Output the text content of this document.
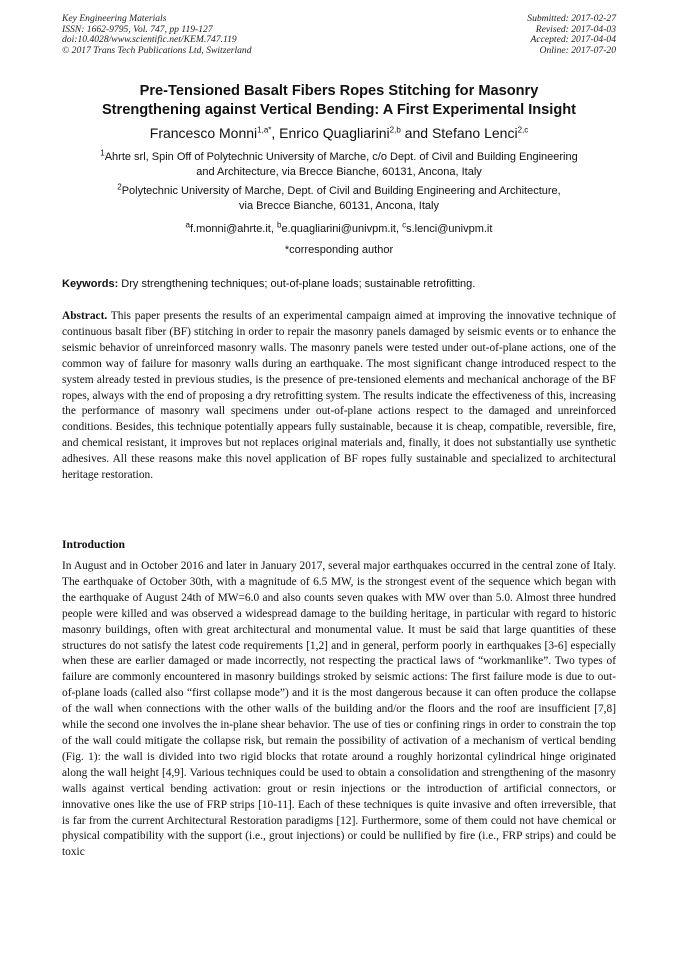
Key Engineering Materials
ISSN: 1662-9795, Vol. 747, pp 119-127
doi:10.4028/www.scientific.net/KEM.747.119
© 2017 Trans Tech Publications Ltd, Switzerland
Submitted: 2017-02-27
Revised: 2017-04-03
Accepted: 2017-04-04
Online: 2017-07-20
Pre-Tensioned Basalt Fibers Ropes Stitching for Masonry
Strengthening against Vertical Bending: A First Experimental Insight
Francesco Monni$^{1,a*}$, Enrico Quagliarini$^{2,b}$ and Stefano Lenci$^{2,c}$
$^1$Ahrte srl, Spin Off of Polytechnic University of Marche, c/o Dept. of Civil and Building Engineering
and Architecture, via Brecce Bianche, 60131, Ancona, Italy
$^2$Polytechnic University of Marche, Dept. of Civil and Building Engineering and Architecture,
via Brecce Bianche, 60131, Ancona, Italy
$^a$f.monni@ahrte.it, $^b$e.quagliarini@univpm.it, $^c$s.lenci@univpm.it
*corresponding author
Keywords: Dry strengthening techniques; out-of-plane loads; sustainable retrofitting.
Abstract. This paper presents the results of an experimental campaign aimed at improving the innovative technique of continuous basalt fiber (BF) stitching in order to repair the masonry panels damaged by seismic events or to enhance the seismic behavior of unreinforced masonry walls. The masonry panels were tested under out-of-plane actions, one of the common way of failure for masonry walls during an earthquake. The most significant change introduced respect to the system already tested in previous studies, is the presence of pre-tensioned elements and mechanical anchorage of the BF ropes, always with the end of proposing a dry retrofitting system. The results indicate the effectiveness of this, increasing the performance of masonry wall specimens under out-of-plane actions respect to the damaged and unreinforced conditions. Besides, this technique potentially appears fully sustainable, because it is cheap, compatible, reversible, fire, and chemical resistant, it improves but not replaces original materials and, finally, it does not substantially use synthetic adhesives. All these reasons make this novel application of BF ropes fully sustainable and specialized to architectural heritage restoration.
Introduction
In August and in October 2016 and later in January 2017, several major earthquakes occurred in the central zone of Italy. The earthquake of October 30th, with a magnitude of 6.5 MW, is the strongest event of the sequence which began with the earthquake of August 24th of MW=6.0 and also counts seven quakes with MW over than 5.0. Almost three hundred people were killed and was observed a widespread damage to the building heritage, in particular with regard to historic masonry buildings, often with great architectural and monumental value. It must be said that large quantities of these structures do not satisfy the latest code requirements [1,2] and in general, perform poorly in earthquakes [3-6] especially when these are earlier damaged or made incorrectly, not respecting the practical laws of “workmanlike”. Two types of failure are commonly encountered in masonry buildings stroked by seismic actions: The first failure mode is due to out-of-plane loads (called also “first collapse mode”) and it is the most dangerous because it can often produce the collapse of the wall when connections with the other walls of the building and/or the floors and the roof are insufficient [7,8] while the second one involves the in-plane shear behavior. The use of ties or confining rings in order to constrain the top of the wall could mitigate the collapse risk, but remain the possibility of activation of a mechanism of vertical bending (Fig. 1): the wall is divided into two rigid blocks that rotate around a roughly horizontal cylindrical hinge originated along the wall height [4,9]. Various techniques could be used to obtain a consolidation and strengthening of the masonry walls against vertical bending activation: grout or resin injections or the introduction of artificial connectors, or innovative ones like the use of FRP strips [10-11]. Each of these techniques is quite invasive and often irreversible, that is far from the current Architectural Restoration paradigms [12]. Furthermore, some of them could not have chemical or physical compatibility with the support (i.e., grout injections) or could be nullified by fire (i.e., FRP strips) and could be toxic
